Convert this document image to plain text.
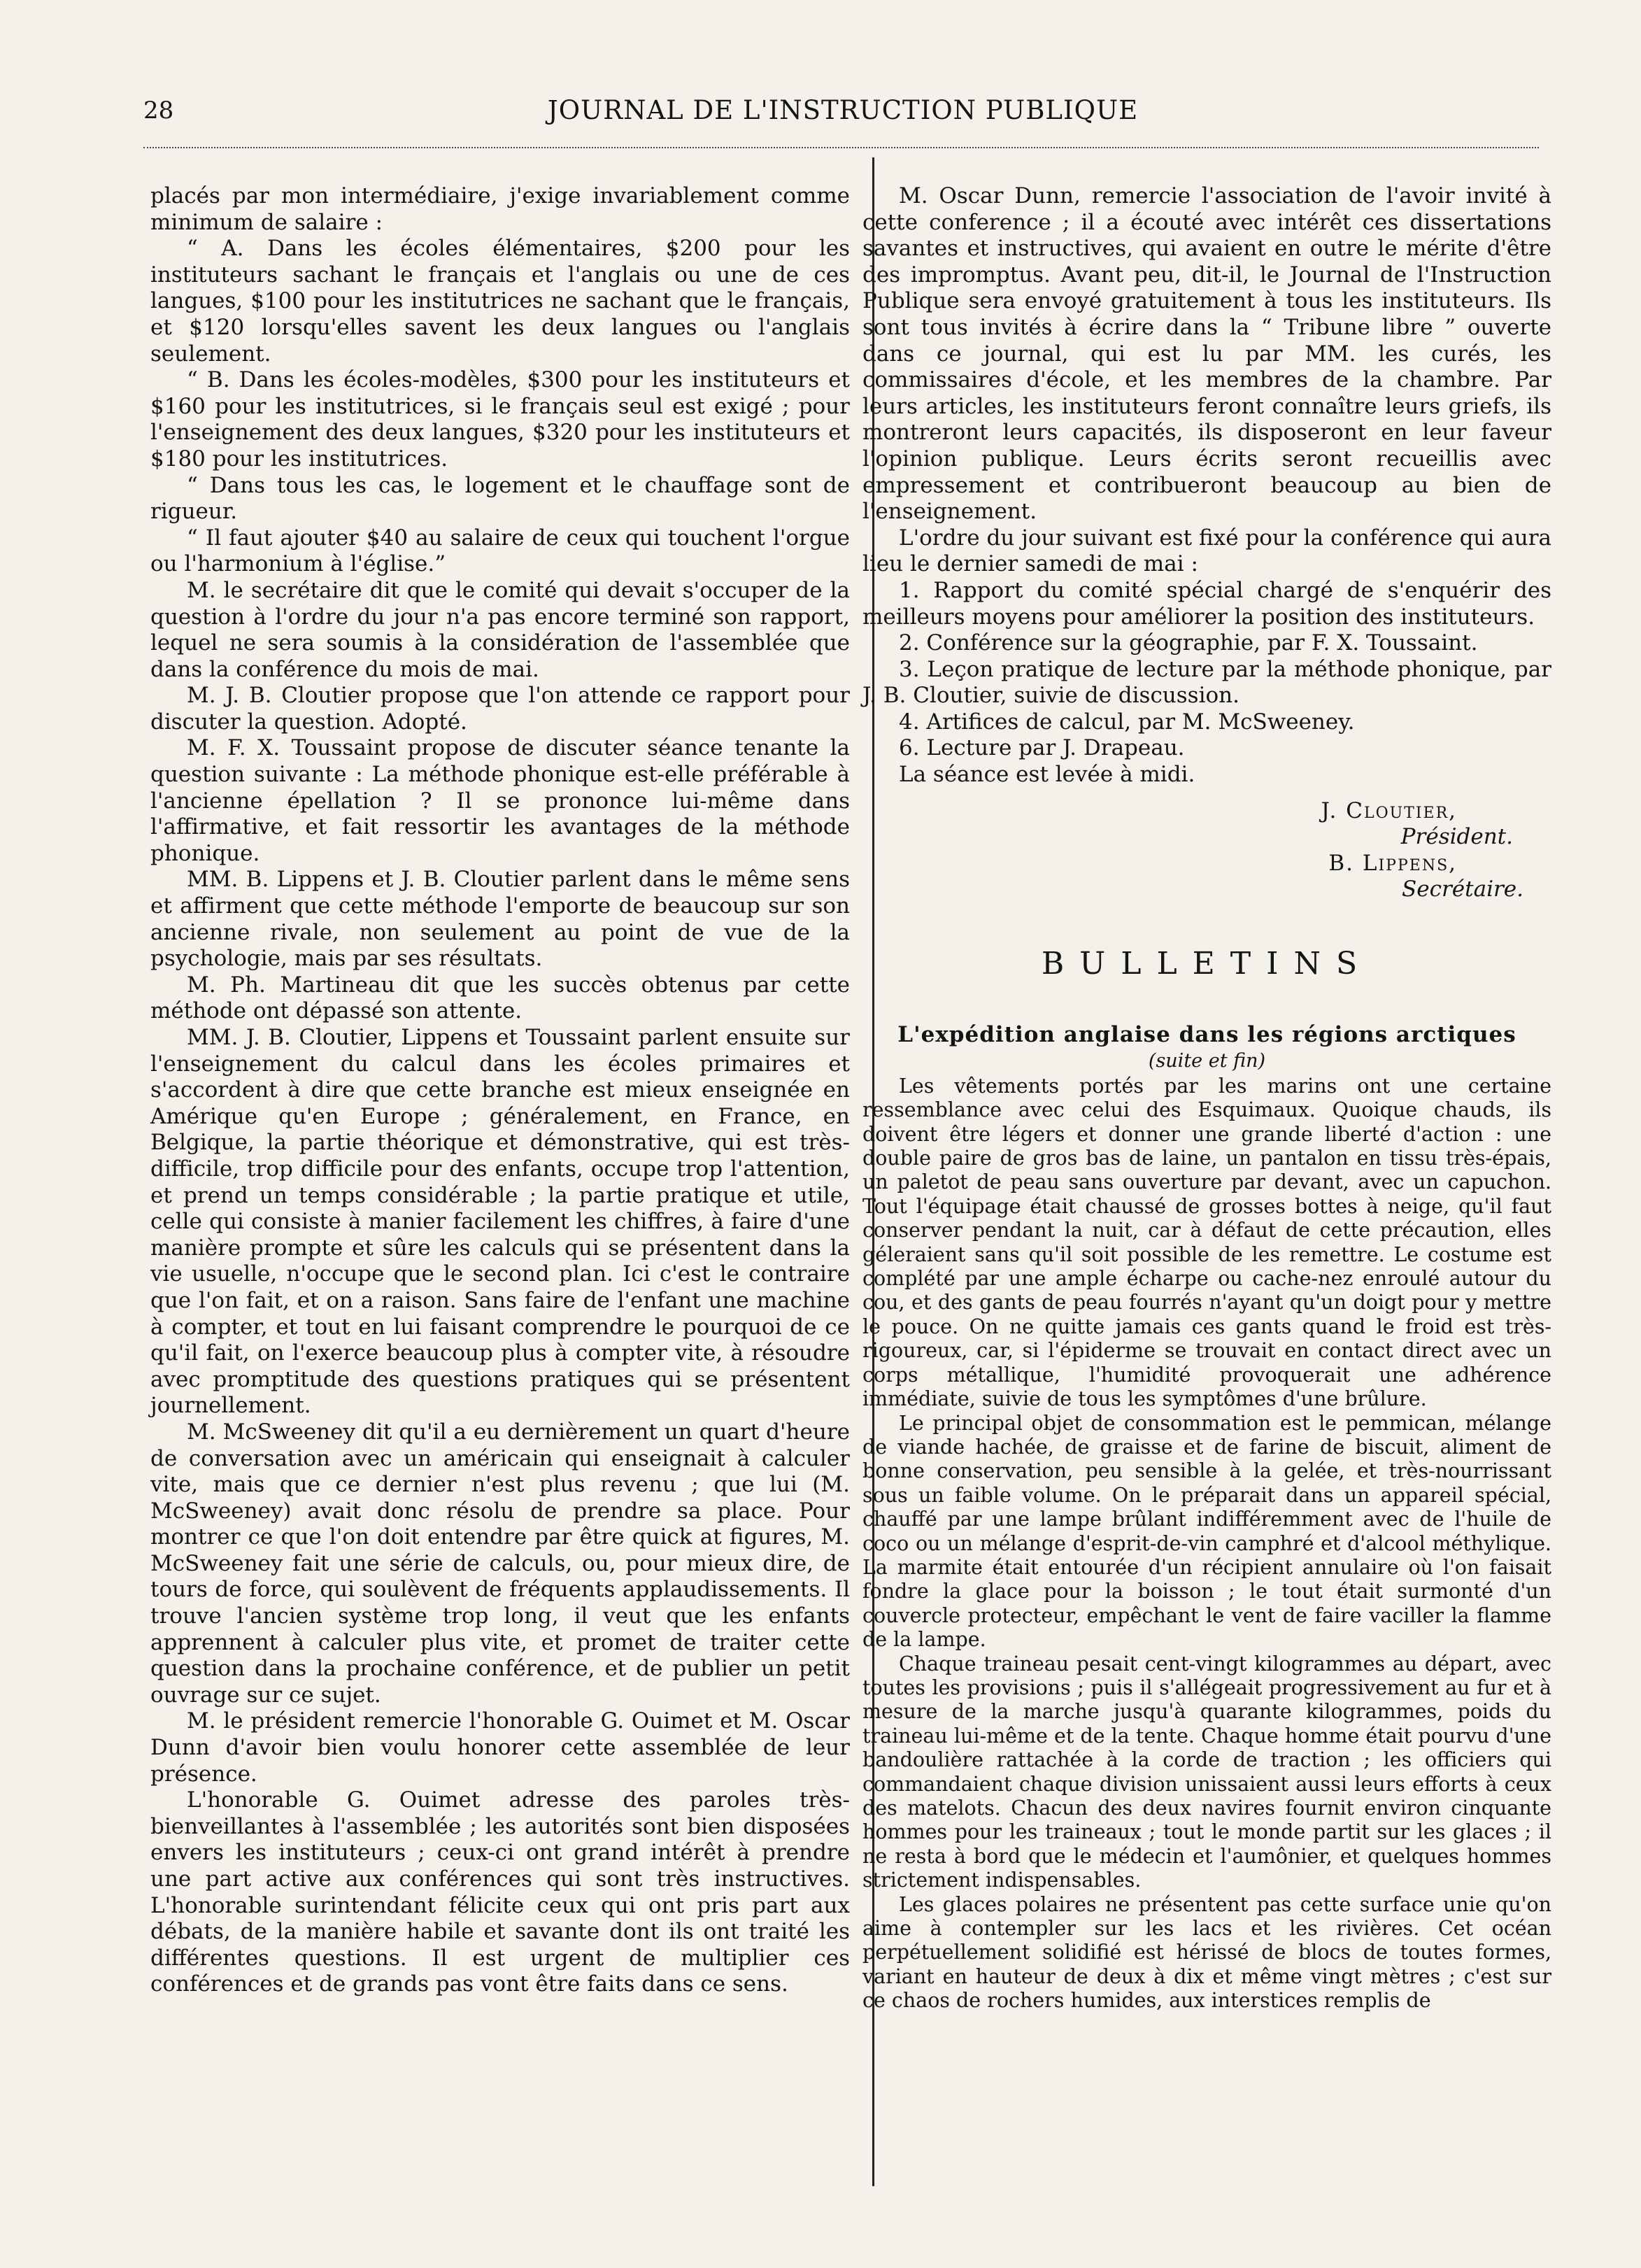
28	JOURNAL DE L'INSTRUCTION PUBLIQUE

placés par mon intermédiaire, j'exige invariablement comme minimum de salaire :

“ A. Dans les écoles élémentaires, $200 pour les instituteurs sachant le français et l'anglais ou une de ces langues, $100 pour les institutrices ne sachant que le français, et $120 lorsqu'elles savent les deux langues ou l'anglais seulement.

“ B. Dans les écoles-modèles, $300 pour les instituteurs et $160 pour les institutrices, si le français seul est exigé ; pour l'enseignement des deux langues, $320 pour les instituteurs et $180 pour les institutrices.

“ Dans tous les cas, le logement et le chauffage sont de rigueur.

“ Il faut ajouter $40 au salaire de ceux qui touchent l'orgue ou l'harmonium à l'église.”

M. le secrétaire dit que le comité qui devait s'occuper de la question à l'ordre du jour n'a pas encore terminé son rapport, lequel ne sera soumis à la considération de l'assemblée que dans la conférence du mois de mai.

M. J. B. Cloutier propose que l'on attende ce rapport pour discuter la question. Adopté.

M. F. X. Toussaint propose de discuter séance tenante la question suivante : La méthode phonique est-elle préférable à l'ancienne épellation ? Il se prononce lui-même dans l'affirmative, et fait ressortir les avantages de la méthode phonique.

MM. B. Lippens et J. B. Cloutier parlent dans le même sens et affirment que cette méthode l'emporte de beaucoup sur son ancienne rivale, non seulement au point de vue de la psychologie, mais par ses résultats.

M. Ph. Martineau dit que les succès obtenus par cette méthode ont dépassé son attente.

MM. J. B. Cloutier, Lippens et Toussaint parlent ensuite sur l'enseignement du calcul dans les écoles primaires et s'accordent à dire que cette branche est mieux enseignée en Amérique qu'en Europe ; généralement, en France, en Belgique, la partie théorique et démonstrative, qui est très-difficile, trop difficile pour des enfants, occupe trop l'attention, et prend un temps considérable ; la partie pratique et utile, celle qui consiste à manier facilement les chiffres, à faire d'une manière prompte et sûre les calculs qui se présentent dans la vie usuelle, n'occupe que le second plan. Ici c'est le contraire que l'on fait, et on a raison. Sans faire de l'enfant une machine à compter, et tout en lui faisant comprendre le pourquoi de ce qu'il fait, on l'exerce beaucoup plus à compter vite, à résoudre avec promptitude des questions pratiques qui se présentent journellement.

M. McSweeney dit qu'il a eu dernièrement un quart d'heure de conversation avec un américain qui enseignait à calculer vite, mais que ce dernier n'est plus revenu ; que lui (M. McSweeney) avait donc résolu de prendre sa place. Pour montrer ce que l'on doit entendre par être quick at figures, M. McSweeney fait une série de calculs, ou, pour mieux dire, de tours de force, qui soulèvent de fréquents applaudissements. Il trouve l'ancien système trop long, il veut que les enfants apprennent à calculer plus vite, et promet de traiter cette question dans la prochaine conférence, et de publier un petit ouvrage sur ce sujet.

M. le président remercie l'honorable G. Ouimet et M. Oscar Dunn d'avoir bien voulu honorer cette assemblée de leur présence.

L'honorable G. Ouimet adresse des paroles très-bienveillantes à l'assemblée ; les autorités sont bien disposées envers les instituteurs ; ceux-ci ont grand intérêt à prendre une part active aux conférences qui sont très instructives. L'honorable surintendant félicite ceux qui ont pris part aux débats, de la manière habile et savante dont ils ont traité les différentes questions. Il est urgent de multiplier ces conférences et de grands pas vont être faits dans ce sens.

M. Oscar Dunn, remercie l'association de l'avoir invité à cette conference ; il a écouté avec intérêt ces dissertations savantes et instructives, qui avaient en outre le mérite d'être des impromptus. Avant peu, dit-il, le Journal de l'Instruction Publique sera envoyé gratuitement à tous les instituteurs. Ils sont tous invités à écrire dans la “ Tribune libre ” ouverte dans ce journal, qui est lu par MM. les curés, les commissaires d'école, et les membres de la chambre. Par leurs articles, les instituteurs feront connaître leurs griefs, ils montreront leurs capacités, ils disposeront en leur faveur l'opinion publique. Leurs écrits seront recueillis avec empressement et contribueront beaucoup au bien de l'enseignement.

L'ordre du jour suivant est fixé pour la conférence qui aura lieu le dernier samedi de mai :

1. Rapport du comité spécial chargé de s'enquérir des meilleurs moyens pour améliorer la position des instituteurs.

2. Conférence sur la géographie, par F. X. Toussaint.

3. Leçon pratique de lecture par la méthode phonique, par J. B. Cloutier, suivie de discussion.

4. Artifices de calcul, par M. McSweeney.

6. Lecture par J. Drapeau.

La séance est levée à midi.

J. Cloutier,

Président.

B. Lippens,

Secrétaire.

BULLETINS

L'expédition anglaise dans les régions arctiques

(suite et fin)

Les vêtements portés par les marins ont une certaine ressemblance avec celui des Esquimaux. Quoique chauds, ils doivent être légers et donner une grande liberté d'action : une double paire de gros bas de laine, un pantalon en tissu très-épais, un paletot de peau sans ouverture par devant, avec un capuchon. Tout l'équipage était chaussé de grosses bottes à neige, qu'il faut conserver pendant la nuit, car à défaut de cette précaution, elles géleraient sans qu'il soit possible de les remettre. Le costume est complété par une ample écharpe ou cache-nez enroulé autour du cou, et des gants de peau fourrés n'ayant qu'un doigt pour y mettre le pouce. On ne quitte jamais ces gants quand le froid est très-rigoureux, car, si l'épiderme se trouvait en contact direct avec un corps métallique, l'humidité provoquerait une adhérence immédiate, suivie de tous les symptômes d'une brûlure.

Le principal objet de consommation est le pemmican, mélange de viande hachée, de graisse et de farine de biscuit, aliment de bonne conservation, peu sensible à la gelée, et très-nourrissant sous un faible volume. On le préparait dans un appareil spécial, chauffé par une lampe brûlant indifféremment avec de l'huile de coco ou un mélange d'esprit-de-vin camphré et d'alcool méthylique. La marmite était entourée d'un récipient annulaire où l'on faisait fondre la glace pour la boisson ; le tout était surmonté d'un couvercle protecteur, empêchant le vent de faire vaciller la flamme de la lampe.

Chaque traineau pesait cent-vingt kilogrammes au départ, avec toutes les provisions ; puis il s'allégeait progressivement au fur et à mesure de la marche jusqu'à quarante kilogrammes, poids du traineau lui-même et de la tente. Chaque homme était pourvu d'une bandoulière rattachée à la corde de traction ; les officiers qui commandaient chaque division unissaient aussi leurs efforts à ceux des matelots. Chacun des deux navires fournit environ cinquante hommes pour les traineaux ; tout le monde partit sur les glaces ; il ne resta à bord que le médecin et l'aumônier, et quelques hommes strictement indispensables.

Les glaces polaires ne présentent pas cette surface unie qu'on aime à contempler sur les lacs et les rivières. Cet océan perpétuellement solidifié est hérissé de blocs de toutes formes, variant en hauteur de deux à dix et même vingt mètres ; c'est sur ce chaos de rochers humides, aux interstices remplis de
